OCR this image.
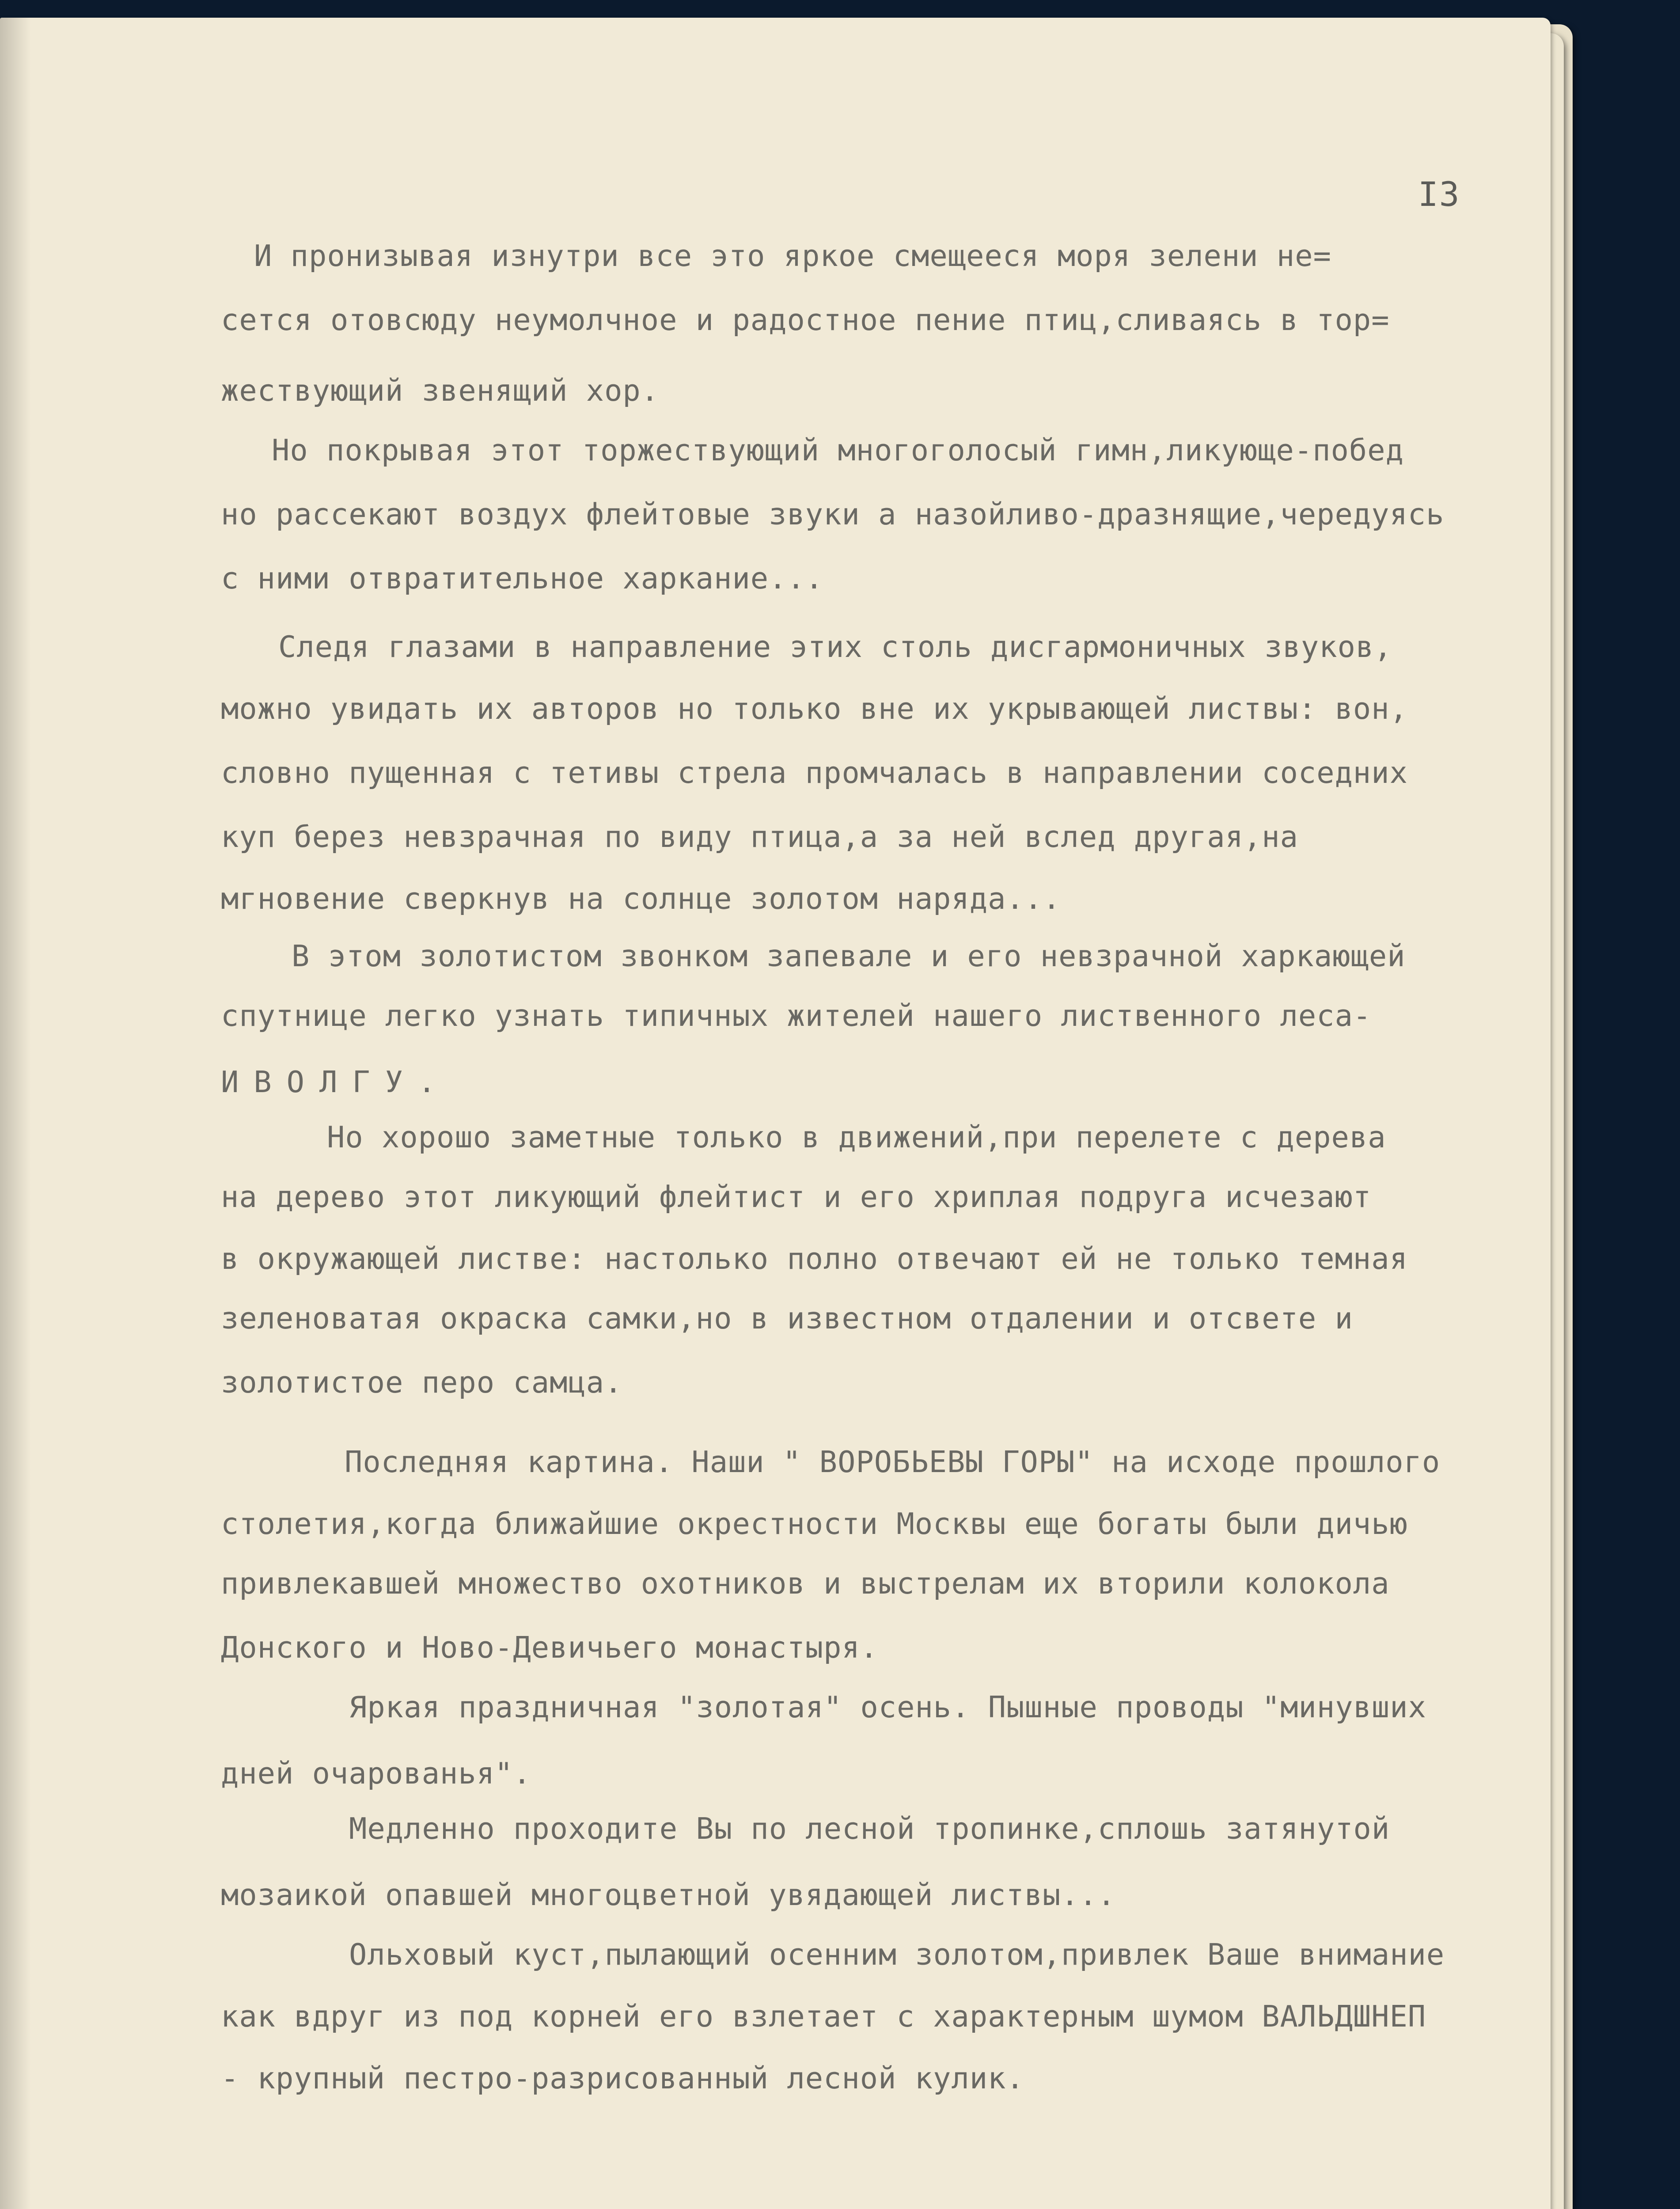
I3
И пронизывая изнутри все это яркое смещееся моря зелени не=
сется отовсюду неумолчное и радостное пение птиц,сливаясь в тор=
жествующий звенящий хор.
Но покрывая этот торжествующий многоголосый гимн,ликующе-побед
но рассекают воздух флейтовые звуки а назойливо-дразнящие,чередуясь
с ними отвратительное харкание...
Следя глазами в направление этих столь дисгармоничных звуков,
можно увидать их авторов но только вне их укрывающей листвы: вон,
словно пущенная с тетивы стрела промчалась в направлении соседних
куп берез невзрачная по виду птица,а за ней вслед другая,на
мгновение сверкнув на солнце золотом наряда...
В этом золотистом звонком запевале и его невзрачной харкающей
спутнице легко узнать типичных жителей нашего лиственного леса-
ИВОЛГУ.
Но хорошо заметные только в движений,при перелете с дерева
на дерево этот ликующий флейтист и его хриплая подруга исчезают
в окружающей листве: настолько полно отвечают ей не только темная
зеленоватая окраска самки,но в известном отдалении и отсвете и
золотистое перо самца.
Последняя картина. Наши " ВОРОБЬЕВЫ ГОРЫ" на исходе прошлого
столетия,когда ближайшие окрестности Москвы еще богаты были дичью
привлекавшей множество охотников и выстрелам их вторили колокола
Донского и Ново-Девичьего монастыря.
Яркая праздничная "золотая" осень. Пышные проводы "минувших
дней очарованья".
Медленно проходите Вы по лесной тропинке,сплошь затянутой
мозаикой опавшей многоцветной увядающей листвы...
Ольховый куст,пылающий осенним золотом,привлек Ваше внимание
как вдруг из под корней его взлетает с характерным шумом ВАЛЬДШНЕП
- крупный пестро-разрисованный лесной кулик.
